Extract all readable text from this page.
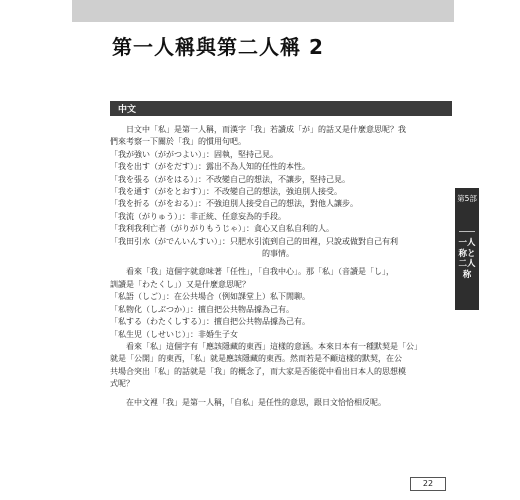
第一人稱與第二人稱 2
中文
日文中「私」是第一人稱，而漢字「我」若讀成「が」的話又是什麼意思呢？我
們來考察一下關於「我」的慣用句吧。
「我が強い（ががつよい）」：固執，堅持己見。
「我を出す（がをだす）」：露出不為人知的任性的本性。
「我を張る（がをはる）」：不改變自己的想法，不讓步，堅持己見。
「我を通す（がをとおす）」：不改變自己的想法，強迫別人接受。
「我を折る（がをおる）」：不強迫別人接受自己的想法，對他人讓步。
「我流（がりゅう）」：非正統、任意妄為的手段。
「我利我利亡者（がりがりもうじゃ）」：貪心又自私自利的人。
「我田引水（がでんいんすい）」：只肥水引流到自己的田裡，只說或做對自己有利
的事情。
看來「我」這個字就意味著「任性」，「自我中心」。那「私」（音讀是「し」，
訓讀是「わたくし」）又是什麼意思呢？
「私語（しご）」：在公共場合（例如課堂上）私下閒聊。
「私物化（しぶつか）」：擅自把公共物品據為己有。
「私する（わたくしする）」：擅自把公共物品據為己有。
「私生児（しせいじ）」：非婚生子女
看來「私」這個字有「應該隱藏的東西」這樣的意涵。本來日本有一種默契是「公」
就是「公開」的東西，「私」就是應該隱藏的東西。然而若是不顧這樣的默契，在公
共場合突出「私」的話就是「我」的概念了，而大家是否能從中看出日本人的思想模
式呢？
在中文裡「我」是第一人稱，「自私」是任性的意思，跟日文恰恰相反呢。
第5部
一人称と二人称
22
